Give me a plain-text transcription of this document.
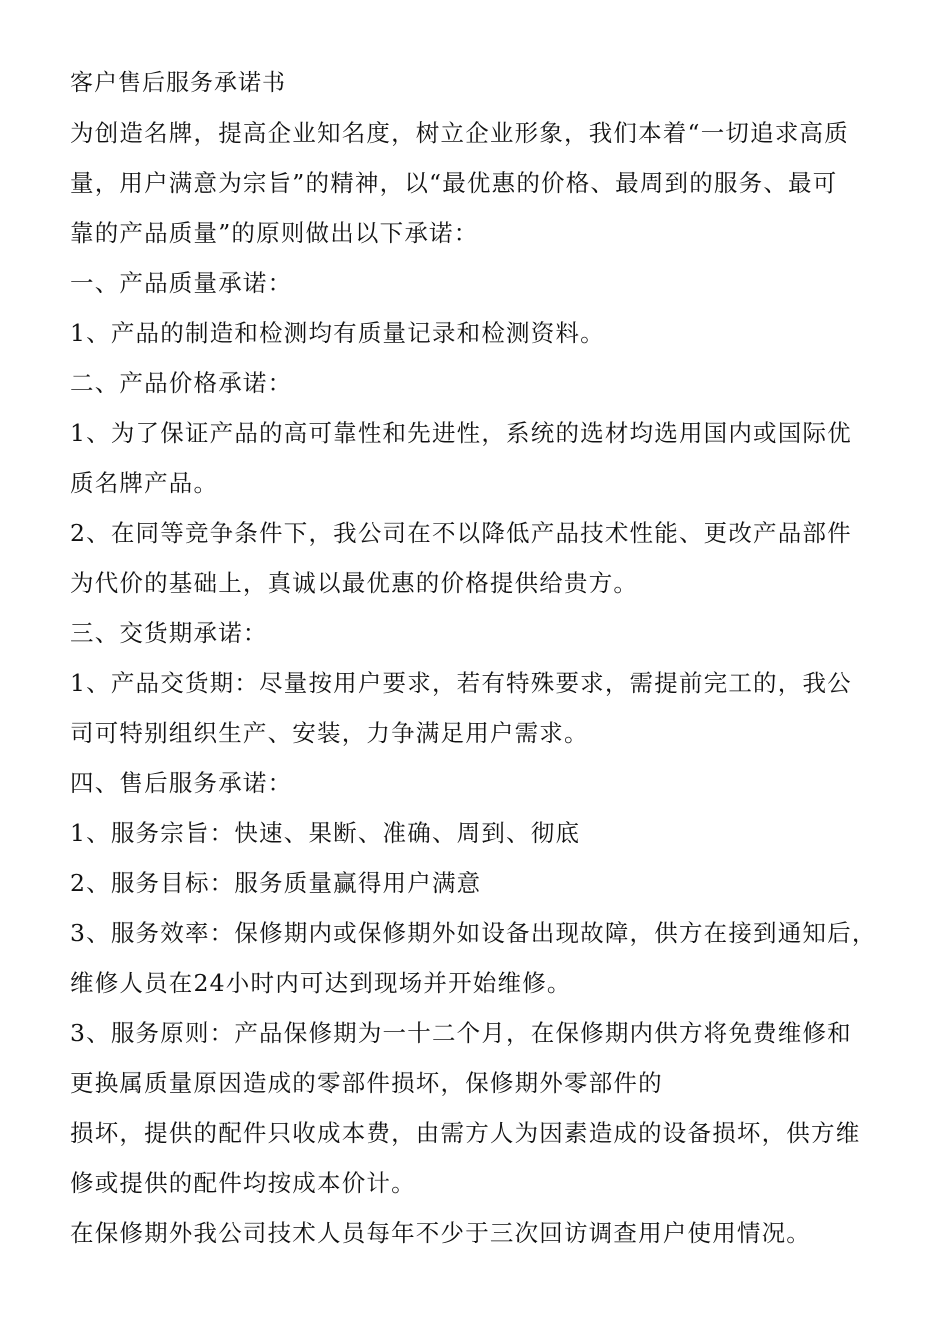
客户售后服务承诺书

为创造名牌，提高企业知名度，树立企业形象，我们本着“一切追求高质
量，用户满意为宗旨”的精神，以“最优惠的价格、最周到的服务、最可
靠的产品质量”的原则做出以下承诺：

一、产品质量承诺：

1、产品的制造和检测均有质量记录和检测资料。

二、产品价格承诺：

1、为了保证产品的高可靠性和先进性，系统的选材均选用国内或国际优
质名牌产品。

2、在同等竞争条件下，我公司在不以降低产品技术性能、更改产品部件
为代价的基础上，真诚以最优惠的价格提供给贵方。

三、交货期承诺：

1、产品交货期：尽量按用户要求，若有特殊要求，需提前完工的，我公
司可特别组织生产、安装，力争满足用户需求。

四、售后服务承诺：

1、服务宗旨：快速、果断、准确、周到、彻底

2、服务目标：服务质量赢得用户满意

3、服务效率：保修期内或保修期外如设备出现故障，供方在接到通知后，
维修人员在24小时内可达到现场并开始维修。

3、服务原则：产品保修期为一十二个月，在保修期内供方将免费维修和
更换属质量原因造成的零部件损坏，保修期外零部件的

损坏，提供的配件只收成本费，由需方人为因素造成的设备损坏，供方维
修或提供的配件均按成本价计。

在保修期外我公司技术人员每年不少于三次回访调查用户使用情况。
